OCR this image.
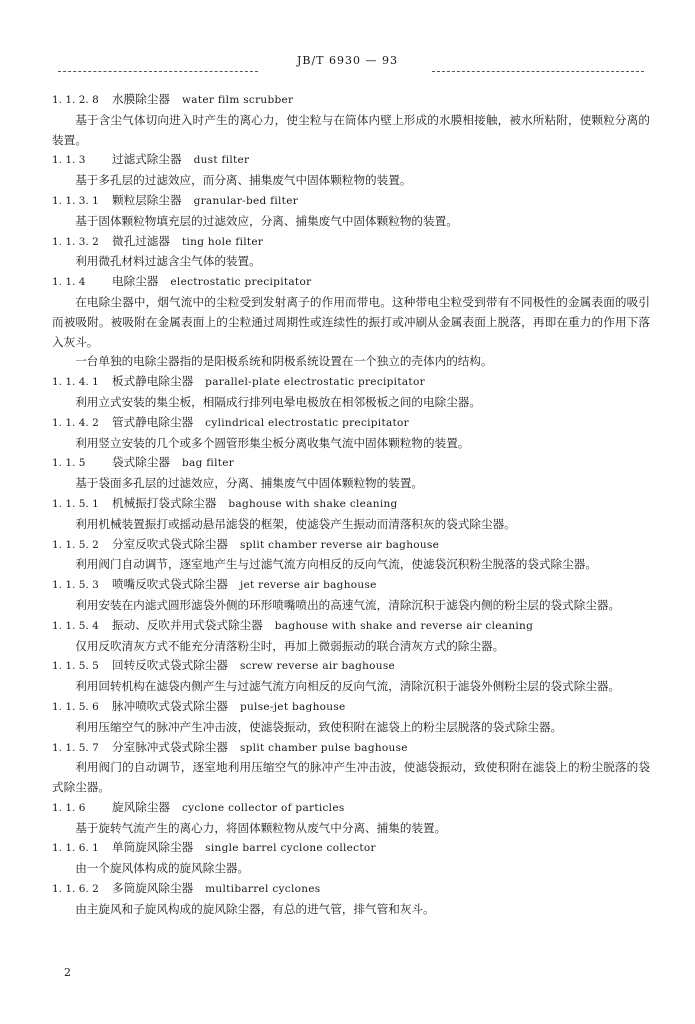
JB/T 6930 — 93
1. 1. 2. 8 水膜除尘器 water film scrubber
基于含尘气体切向进入时产生的离心力，使尘粒与在筒体内壁上形成的水膜相接触，被水所粘附，使颗粒分离的装置。
1. 1. 3 过滤式除尘器 dust filter
基于多孔层的过滤效应，而分离、捕集废气中固体颗粒物的装置。
1. 1. 3. 1 颗粒层除尘器 granular-bed filter
基于固体颗粒物填充层的过滤效应，分离、捕集废气中固体颗粒物的装置。
1. 1. 3. 2 微孔过滤器 ting hole filter
利用微孔材料过滤含尘气体的装置。
1. 1. 4 电除尘器 electrostatic precipitator
在电除尘器中，烟气流中的尘粒受到发射离子的作用而带电。这种带电尘粒受到带有不同极性的金属表面的吸引而被吸附。被吸附在金属表面上的尘粒通过周期性或连续性的振打或冲刷从金属表面上脱落，再即在重力的作用下落入灰斗。
一台单独的电除尘器指的是阳极系统和阴极系统设置在一个独立的壳体内的结构。
1. 1. 4. 1 板式静电除尘器 parallel-plate electrostatic precipitator
利用立式安装的集尘板，相隔成行排列电晕电极放在相邻极板之间的电除尘器。
1. 1. 4. 2 管式静电除尘器 cylindrical electrostatic precipitator
利用竖立安装的几个或多个圆管形集尘板分离收集气流中固体颗粒物的装置。
1. 1. 5 袋式除尘器 bag filter
基于袋面多孔层的过滤效应，分离、捕集废气中固体颗粒物的装置。
1. 1. 5. 1 机械振打袋式除尘器 baghouse with shake cleaning
利用机械装置振打或摇动悬吊滤袋的框架，使滤袋产生振动而清落积灰的袋式除尘器。
1. 1. 5. 2 分室反吹式袋式除尘器 split chamber reverse air baghouse
利用阀门自动调节，逐室地产生与过滤气流方向相反的反向气流，使滤袋沉积粉尘脱落的袋式除尘器。
1. 1. 5. 3 喷嘴反吹式袋式除尘器 jet reverse air baghouse
利用安装在内滤式圆形滤袋外侧的环形喷嘴喷出的高速气流，清除沉积于滤袋内侧的粉尘层的袋式除尘器。
1. 1. 5. 4 振动、反吹并用式袋式除尘器 baghouse with shake and reverse air cleaning
仅用反吹清灰方式不能充分清落粉尘时，再加上微弱振动的联合清灰方式的除尘器。
1. 1. 5. 5 回转反吹式袋式除尘器 screw reverse air baghouse
利用回转机构在滤袋内侧产生与过滤气流方向相反的反向气流，清除沉积于滤袋外侧粉尘层的袋式除尘器。
1. 1. 5. 6 脉冲喷吹式袋式除尘器 pulse-jet baghouse
利用压缩空气的脉冲产生冲击波，使滤袋振动，致使积附在滤袋上的粉尘层脱落的袋式除尘器。
1. 1. 5. 7 分室脉冲式袋式除尘器 split chamber pulse baghouse
利用阀门的自动调节，逐室地利用压缩空气的脉冲产生冲击波，使滤袋振动，致使积附在滤袋上的粉尘脱落的袋式除尘器。
1. 1. 6 旋风除尘器 cyclone collector of particles
基于旋转气流产生的离心力，将固体颗粒物从废气中分离、捕集的装置。
1. 1. 6. 1 单筒旋风除尘器 single barrel cyclone collector
由一个旋风体构成的旋风除尘器。
1. 1. 6. 2 多筒旋风除尘器 multibarrel cyclones
由主旋风和子旋风构成的旋风除尘器，有总的进气管，排气管和灰斗。
2
